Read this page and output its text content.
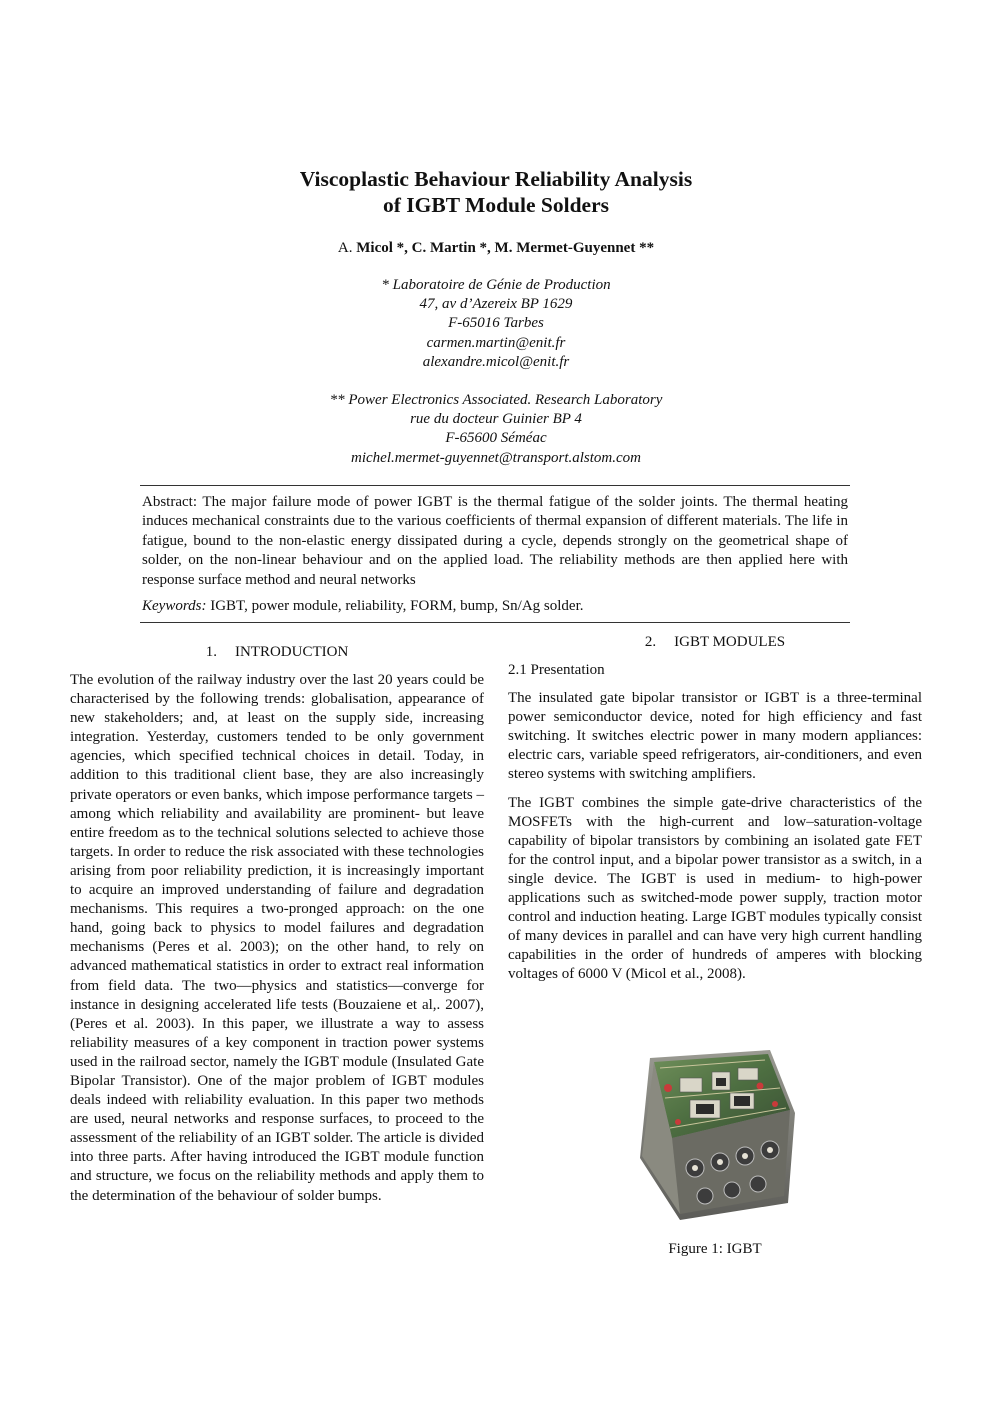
Viscoplastic Behaviour Reliability Analysis
of IGBT Module Solders
A. Micol *, C. Martin *, M. Mermet-Guyennet **
* Laboratoire de Génie de Production
47, av d’Azereix BP 1629
F-65016 Tarbes
carmen.martin@enit.fr
alexandre.micol@enit.fr
** Power Electronics Associated. Research Laboratory
rue du docteur Guinier BP 4
F-65600 Séméac
michel.mermet-guyennet@transport.alstom.com

Abstract: The major failure mode of power IGBT is the thermal fatigue of the solder joints. The thermal heating induces mechanical constraints due to the various coefficients of thermal expansion of different materials. The life in fatigue, bound to the non-elastic energy dissipated during a cycle, depends strongly on the geometrical shape of solder, on the non-linear behaviour and on the applied load. The reliability methods are then applied here with response surface method and neural networks

Keywords: IGBT, power module, reliability, FORM, bump, Sn/Ag solder.

1. INTRODUCTION

The evolution of the railway industry over the last 20 years could be characterised by the following trends: globalisation, appearance of new stakeholders; and, at least on the supply side, increasing integration. Yesterday, customers tended to be only government agencies, which specified technical choices in detail. Today, in addition to this traditional client base, they are also increasingly private operators or even banks, which impose performance targets – among which reliability and availability are prominent- but leave entire freedom as to the technical solutions selected to achieve those targets. In order to reduce the risk associated with these technologies arising from poor reliability prediction, it is increasingly important to acquire an improved understanding of failure and degradation mechanisms. This requires a two-pronged approach: on the one hand, going back to physics to model failures and degradation mechanisms (Peres et al. 2003); on the other hand, to rely on advanced mathematical statistics in order to extract real information from field data. The two—physics and statistics—converge for instance in designing accelerated life tests (Bouzaiene et al,. 2007), (Peres et al. 2003). In this paper, we illustrate a way to assess reliability measures of a key component in traction power systems used in the railroad sector, namely the IGBT module (Insulated Gate Bipolar Transistor). One of the major problem of IGBT modules deals indeed with reliability evaluation. In this paper two methods are used, neural networks and response surfaces, to proceed to the assessment of the reliability of an IGBT solder. The article is divided into three parts. After having introduced the IGBT module function and structure, we focus on the reliability methods and apply them to the determination of the behaviour of solder bumps.

2. IGBT MODULES
2.1 Presentation

The insulated gate bipolar transistor or IGBT is a three-terminal power semiconductor device, noted for high efficiency and fast switching. It switches electric power in many modern appliances: electric cars, variable speed refrigerators, air-conditioners, and even stereo systems with switching amplifiers.

The IGBT combines the simple gate-drive characteristics of the MOSFETs with the high-current and low–saturation-voltage capability of bipolar transistors by combining an isolated gate FET for the control input, and a bipolar power transistor as a switch, in a single device. The IGBT is used in medium- to high-power applications such as switched-mode power supply, traction motor control and induction heating. Large IGBT modules typically consist of many devices in parallel and can have very high current handling capabilities in the order of hundreds of amperes with blocking voltages of 6000 V (Micol et al., 2008).

Figure 1: IGBT
